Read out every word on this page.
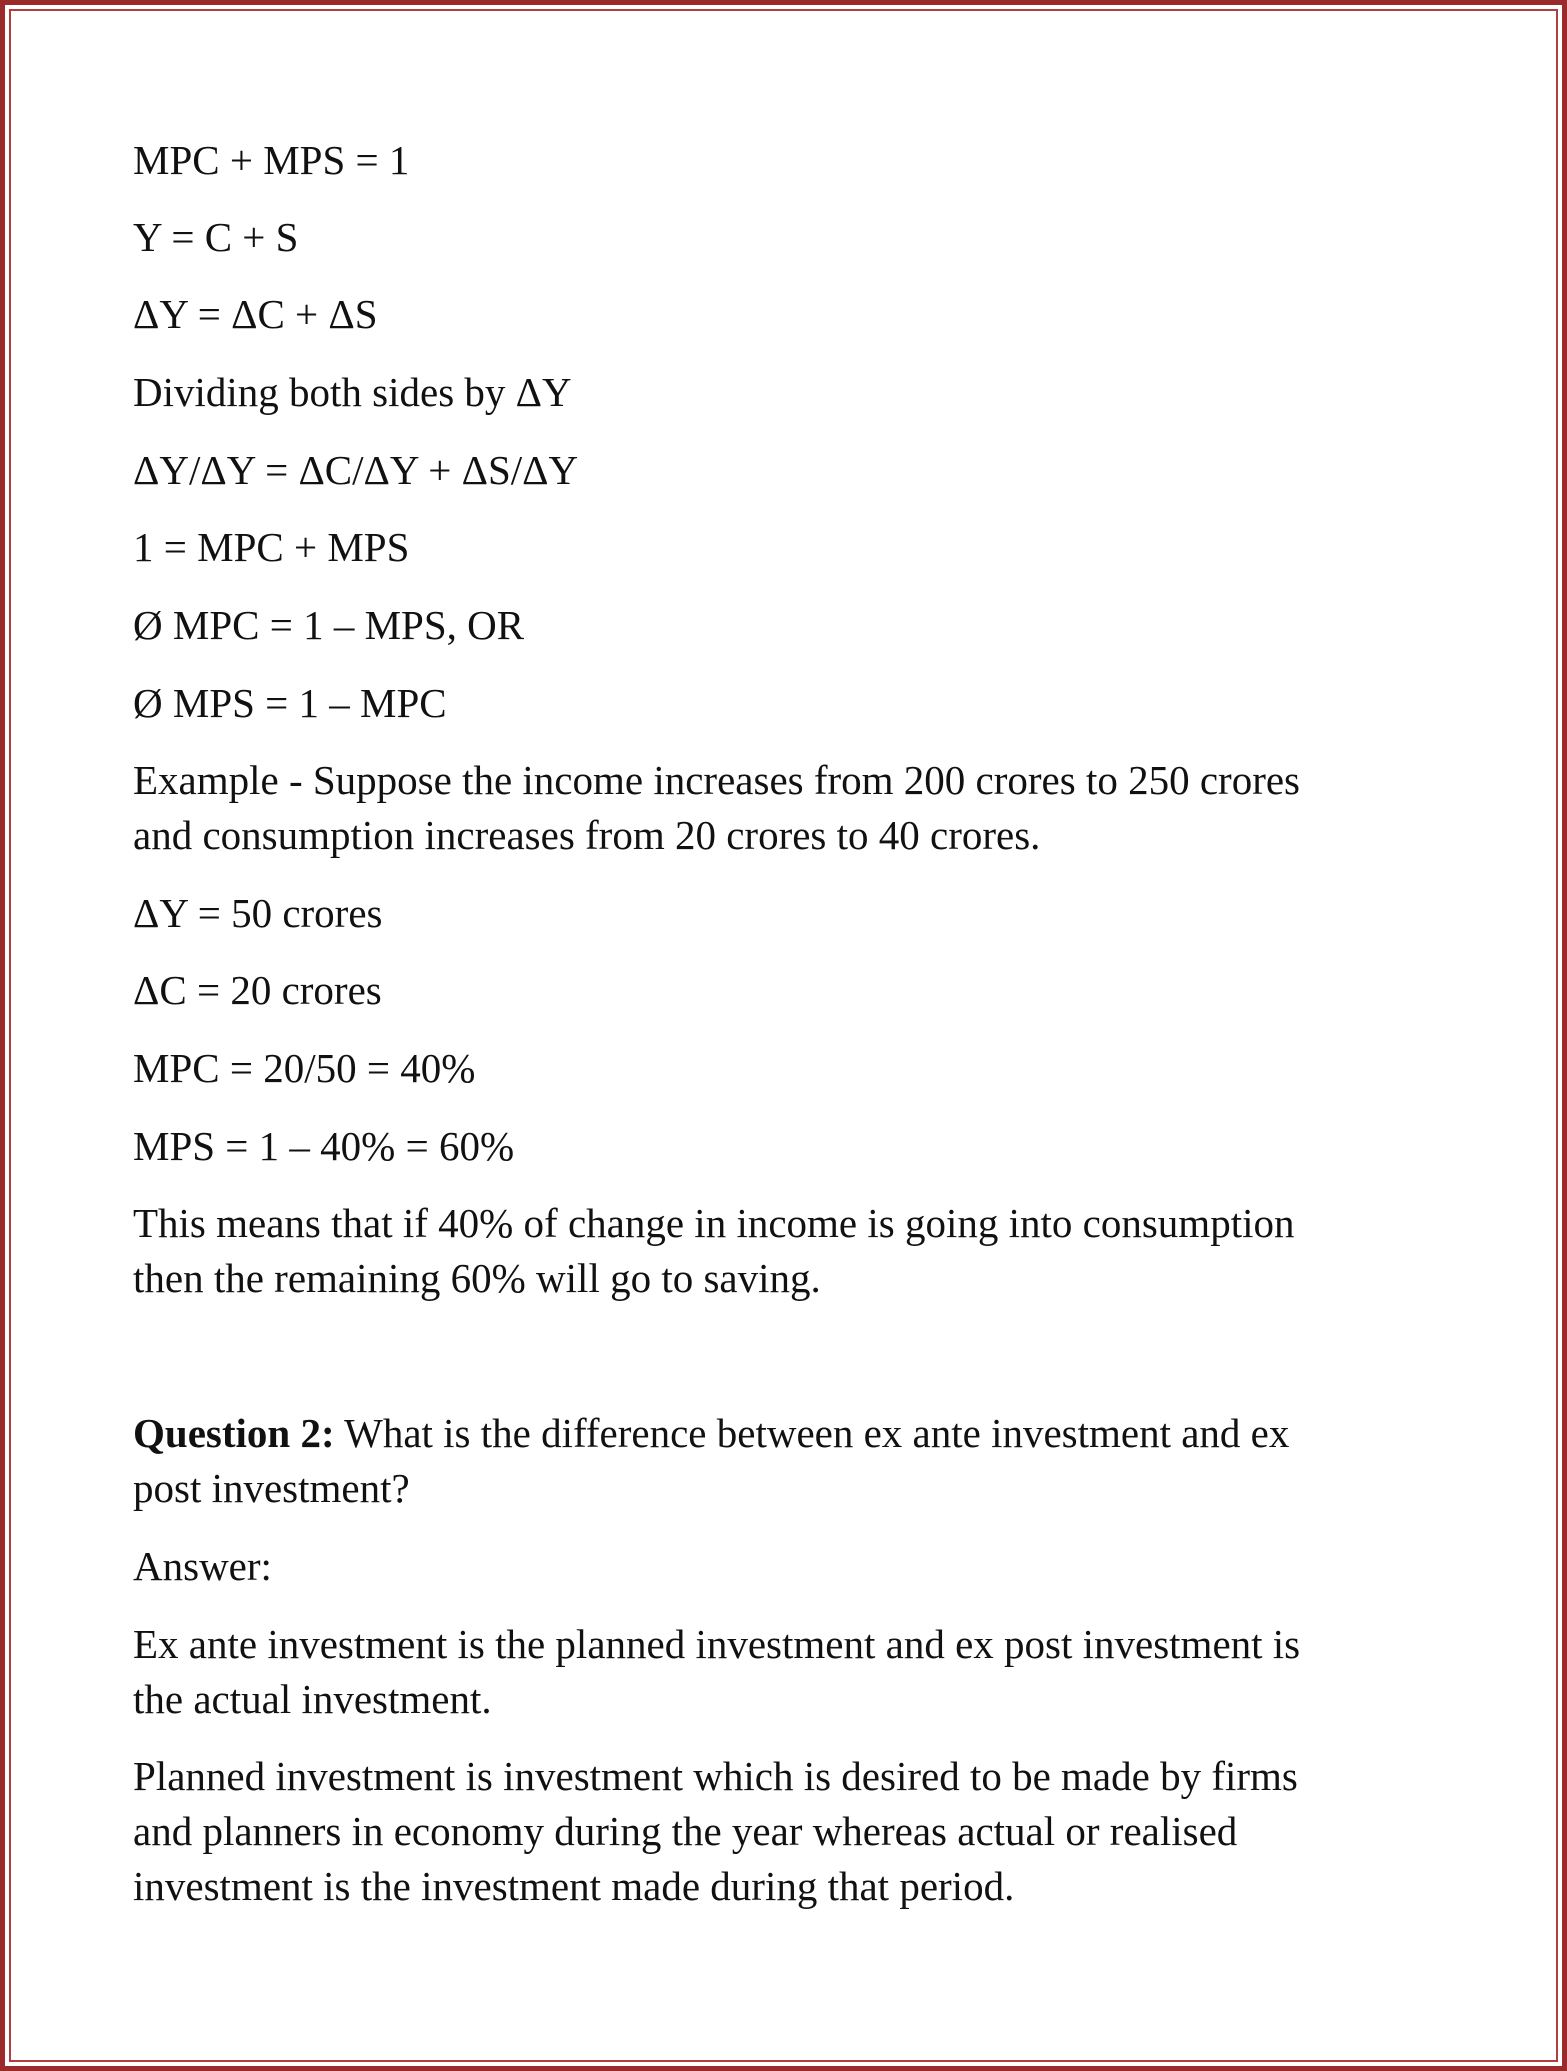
MPC + MPS = 1
Y = C + S
ΔY = ΔC + ΔS
Dividing both sides by ΔY
ΔY/ΔY = ΔC/ΔY + ΔS/ΔY
1 = MPC + MPS
Ø MPC = 1 – MPS, OR
Ø MPS = 1 – MPC
Example - Suppose the income increases from 200 crores to 250 crores
and consumption increases from 20 crores to 40 crores.
ΔY = 50 crores
ΔC = 20 crores
MPC = 20/50 = 40%
MPS = 1 – 40% = 60%
This means that if 40% of change in income is going into consumption
then the remaining 60% will go to saving.
Question 2: What is the difference between ex ante investment and ex
post investment?
Answer:
Ex ante investment is the planned investment and ex post investment is
the actual investment.
Planned investment is investment which is desired to be made by firms
and planners in economy during the year whereas actual or realised
investment is the investment made during that period.
